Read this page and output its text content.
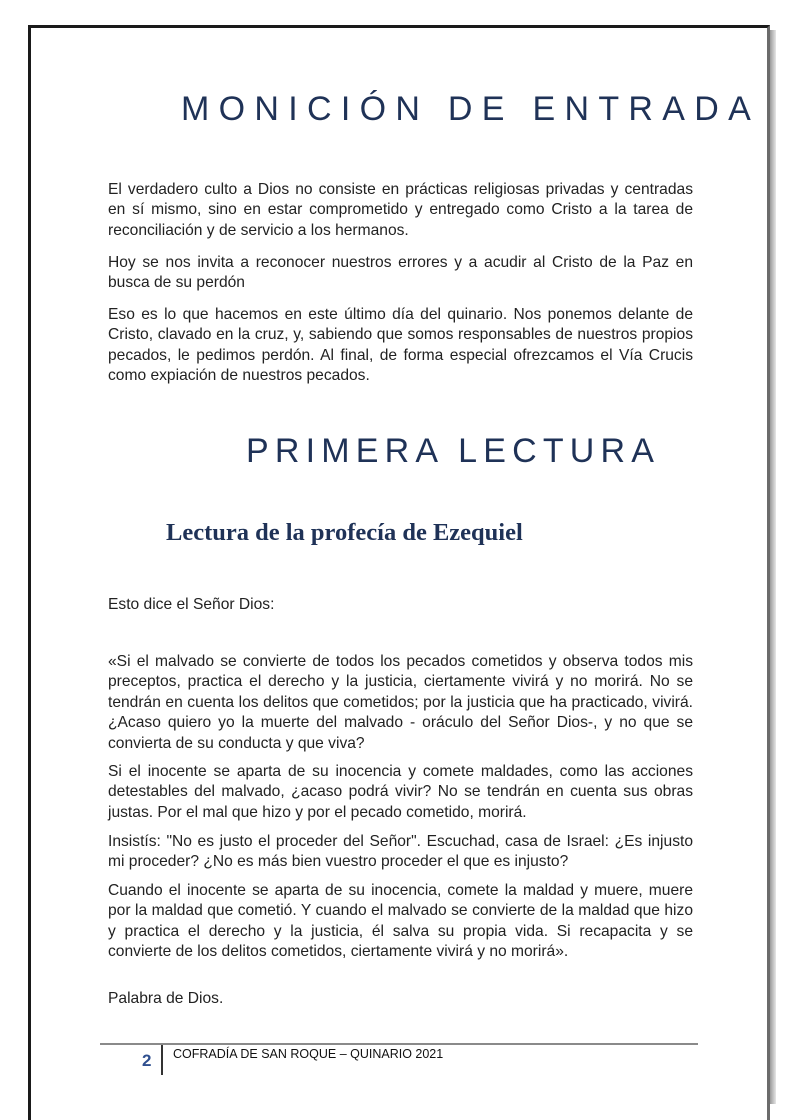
MONICIÓN DE ENTRADA

El verdadero culto a Dios no consiste en prácticas religiosas privadas y centradas en sí mismo, sino en estar comprometido y entregado como Cristo a la tarea de reconciliación y de servicio a los hermanos.

Hoy se nos invita a reconocer nuestros errores y a acudir al Cristo de la Paz en busca de su perdón

Eso es lo que hacemos en este último día del quinario. Nos ponemos delante de Cristo, clavado en la cruz, y, sabiendo que somos responsables de nuestros propios pecados, le pedimos perdón. Al final, de forma especial ofrezcamos el Vía Crucis como expiación de nuestros pecados.

PRIMERA LECTURA
Lectura de la profecía de Ezequiel

Esto dice el Señor Dios:

«Si el malvado se convierte de todos los pecados cometidos y observa todos mis preceptos, practica el derecho y la justicia, ciertamente vivirá y no morirá. No se tendrán en cuenta los delitos que cometidos; por la justicia que ha practicado, vivirá. ¿Acaso quiero yo la muerte del malvado - oráculo del Señor Dios-, y no que se convierta de su conducta y que viva?

Si el inocente se aparta de su inocencia y comete maldades, como las acciones detestables del malvado, ¿acaso podrá vivir? No se tendrán en cuenta sus obras justas. Por el mal que hizo y por el pecado cometido, morirá.

Insistís: "No es justo el proceder del Señor". Escuchad, casa de Israel: ¿Es injusto mi proceder? ¿No es más bien vuestro proceder el que es injusto?

Cuando el inocente se aparta de su inocencia, comete la maldad y muere, muere por la maldad que cometió. Y cuando el malvado se convierte de la maldad que hizo y practica el derecho y la justicia, él salva su propia vida. Si recapacita y se convierte de los delitos cometidos, ciertamente vivirá y no morirá».

Palabra de Dios.

2 COFRADÍA DE SAN ROQUE – QUINARIO 2021
